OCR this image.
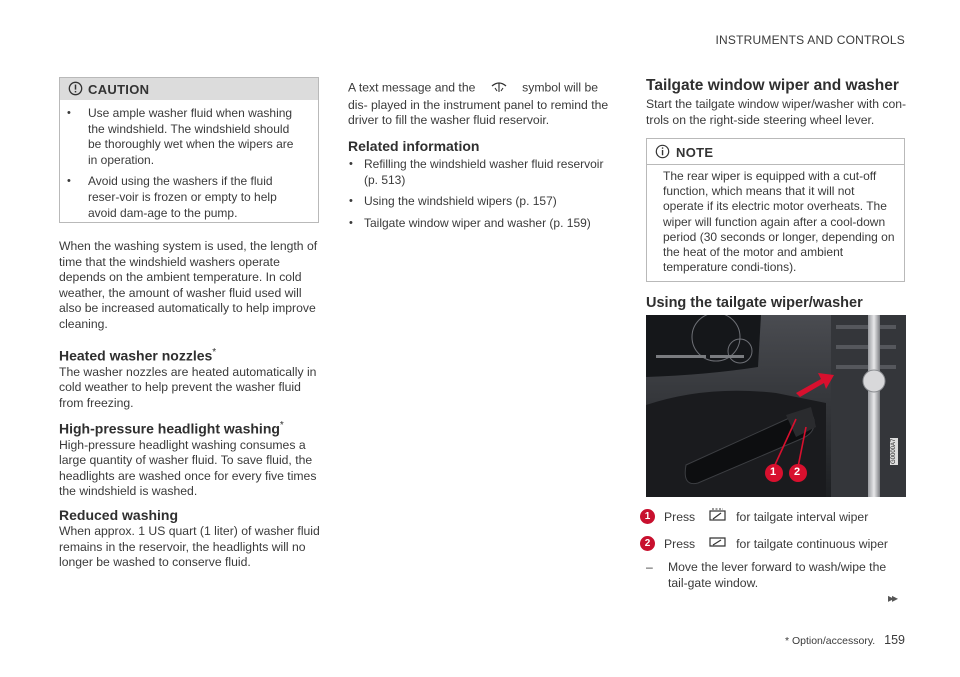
INSTRUMENTS AND CONTROLS
CAUTION
• Use ample washer fluid when washing the windshield. The windshield should be thoroughly wet when the wipers are in operation.
• Avoid using the washers if the fluid reser-voir is frozen or empty to help avoid dam-age to the pump.

When the washing system is used, the length of time that the windshield washers operate depends on the ambient temperature. In cold weather, the amount of washer fluid used will also be increased automatically to help improve cleaning.

Heated washer nozzles*

The washer nozzles are heated automatically in cold weather to help prevent the washer fluid from freezing.

High-pressure headlight washing*

High-pressure headlight washing consumes a large quantity of washer fluid. To save fluid, the headlights are washed once for every five times the windshield is washed.

Reduced washing

When approx. 1 US quart (1 liter) of washer fluid remains in the reservoir, the headlights will no longer be washed to conserve fluid.

A text message and the	symbol will be dis- played in the instrument panel to remind the driver to fill the washer fluid reservoir.

Related information

• Refilling the windshield washer fluid reservoir (p. 513)
• Using the windshield wipers (p. 157)
• Tailgate window wiper and washer (p. 159)

Tailgate window wiper and washer

Start the tailgate window wiper/washer with con-trols on the right-side steering wheel lever.

NOTE

The rear wiper is equipped with a cut-off function, which means that it will not operate if its electric motor overheats. The wiper will function again after a cool-down period (30 seconds or longer, depending on the heat of the motor and ambient temperature condi-tions).

Using the tailgate wiper/washer

1 2
G0000A7
1	Press	for tailgate interval wiper
2	Press	for tailgate continuous wiper
–	Move the lever forward to wash/wipe the tail-gate window.
▸▸
* Option/accessory. 159
